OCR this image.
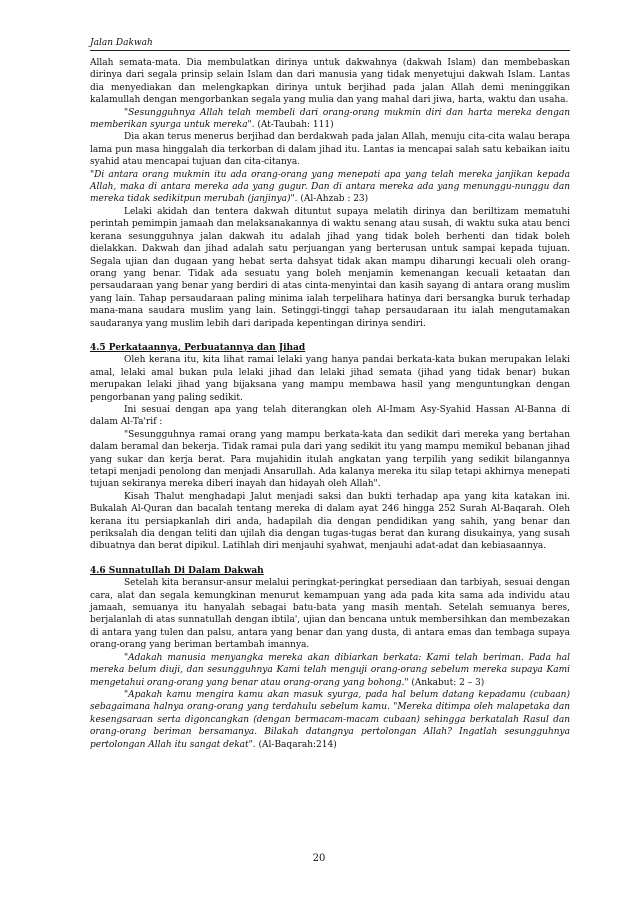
Jalan Dakwah

Allah semata-mata. Dia membulatkan dirinya untuk dakwahnya (dakwah Islam) dan membebaskan dirinya dari segala prinsip selain Islam dan dari manusia yang tidak menyetujui dakwah Islam. Lantas dia menyediakan dan melengkapkan dirinya untuk berjihad pada jalan Allah demi meninggikan kalamullah dengan mengorbankan segala yang mulia dan yang mahal dari jiwa, harta, waktu dan usaha.

"Sesungguhnya Allah telah membeli dari orang-orang mukmin diri dan harta mereka dengan memberikan syurga untuk mereka". (At-Taubah: 111)

Dia akan terus menerus berjihad dan berdakwah pada jalan Allah, menuju cita-cita walau berapa lama pun masa hinggalah dia terkorban di dalam jihad itu. Lantas ia mencapai salah satu kebaikan iaitu syahid atau mencapai tujuan dan cita-citanya.

"Di antara orang mukmin itu ada orang-orang yang menepati apa yang telah mereka janjikan kepada Allah, maka di antara mereka ada yang gugur. Dan di antara mereka ada yang menunggu-nunggu dan mereka tidak sedikitpun merubah (janjinya)". (Al-Ahzab : 23)

Lelaki akidah dan tentera dakwah dituntut supaya melatih dirinya dan beriltizam mematuhi perintah pemimpin jamaah dan melaksanakannya di waktu senang atau susah, di waktu suka atau benci kerana sesungguhnya jalan dakwah itu adalah jihad yang tidak boleh berhenti dan tidak boleh dielakkan. Dakwah dan jihad adalah satu perjuangan yang berterusan untuk sampai kepada tujuan. Segala ujian dan dugaan yang hebat serta dahsyat tidak akan mampu diharungi kecuali oleh orang-orang yang benar. Tidak ada sesuatu yang boleh menjamin kemenangan kecuali ketaatan dan persaudaraan yang benar yang berdiri di atas cinta-menyintai dan kasih sayang di antara orang muslim yang lain. Tahap persaudaraan paling minima ialah terpelihara hatinya dari bersangka buruk terhadap mana-mana saudara muslim yang lain. Setinggi-tinggi tahap persaudaraan itu ialah mengutamakan saudaranya yang muslim lebih dari daripada kepentingan dirinya sendiri.

4.5 Perkataannya, Perbuatannya dan Jihad

Oleh kerana itu, kita lihat ramai lelaki yang hanya pandai berkata-kata bukan merupakan lelaki amal, lelaki amal bukan pula lelaki jihad dan lelaki jihad semata (jihad yang tidak benar) bukan merupakan lelaki jihad yang bijaksana yang mampu membawa hasil yang menguntungkan dengan pengorbanan yang paling sedikit.

Ini sesuai dengan apa yang telah diterangkan oleh Al-Imam Asy-Syahid Hassan Al-Banna di dalam Al-Ta'rif :

"Sesungguhnya ramai orang yang mampu berkata-kata dan sedikit dari mereka yang bertahan dalam beramal dan bekerja. Tidak ramai pula dari yang sedikit itu yang mampu memikul bebanan jihad yang sukar dan kerja berat. Para mujahidin itulah angkatan yang terpilih yang sedikit bilangannya tetapi menjadi penolong dan menjadi Ansarullah. Ada kalanya mereka itu silap tetapi akhirnya menepati tujuan sekiranya mereka diberi inayah dan hidayah oleh Allah".

Kisah Thalut menghadapi Jalut menjadi saksi dan bukti terhadap apa yang kita katakan ini. Bukalah Al-Quran dan bacalah tentang mereka di dalam ayat 246 hingga 252 Surah Al-Baqarah. Oleh kerana itu persiapkanlah diri anda, hadapilah dia dengan pendidikan yang sahih, yang benar dan periksalah dia dengan teliti dan ujilah dia dengan tugas-tugas berat dan kurang disukainya, yang susah dibuatnya dan berat dipikul. Latihlah diri menjauhi syahwat, menjauhi adat-adat dan kebiasaannya.

4.6 Sunnatullah Di Dalam Dakwah

Setelah kita beransur-ansur melalui peringkat-peringkat persediaan dan tarbiyah, sesuai dengan cara, alat dan segala kemungkinan menurut kemampuan yang ada pada kita sama ada individu atau jamaah, semuanya itu hanyalah sebagai batu-bata yang masih mentah. Setelah semuanya beres, berjalanlah di atas sunnatullah dengan ibtila', ujian dan bencana untuk membersihkan dan membezakan di antara yang tulen dan palsu, antara yang benar dan yang dusta, di antara emas dan tembaga supaya orang-orang yang beriman bertambah imannya.

"Adakah manusia menyangka mereka akan dibiarkan berkata: Kami telah beriman. Pada hal mereka belum diuji, dan sesungguhnya Kami telah menguji orang-orang sebelum mereka supaya Kami mengetahui orang-orang yang benar atau orang-orang yang bohong." (Ankabut: 2 – 3)

"Apakah kamu mengira kamu akan masuk syurga, pada hal belum datang kepadamu (cubaan) sebagaimana halnya orang-orang yang terdahulu sebelum kamu. "Mereka ditimpa oleh malapetaka dan kesengsaraan serta digoncangkan (dengan bermacam-macam cubaan) sehingga berkatalah Rasul dan orang-orang beriman bersamanya. Bilakah datangnya pertolongan Allah? Ingatlah sesungguhnya pertolongan Allah itu sangat dekat". (Al-Baqarah:214)

20
